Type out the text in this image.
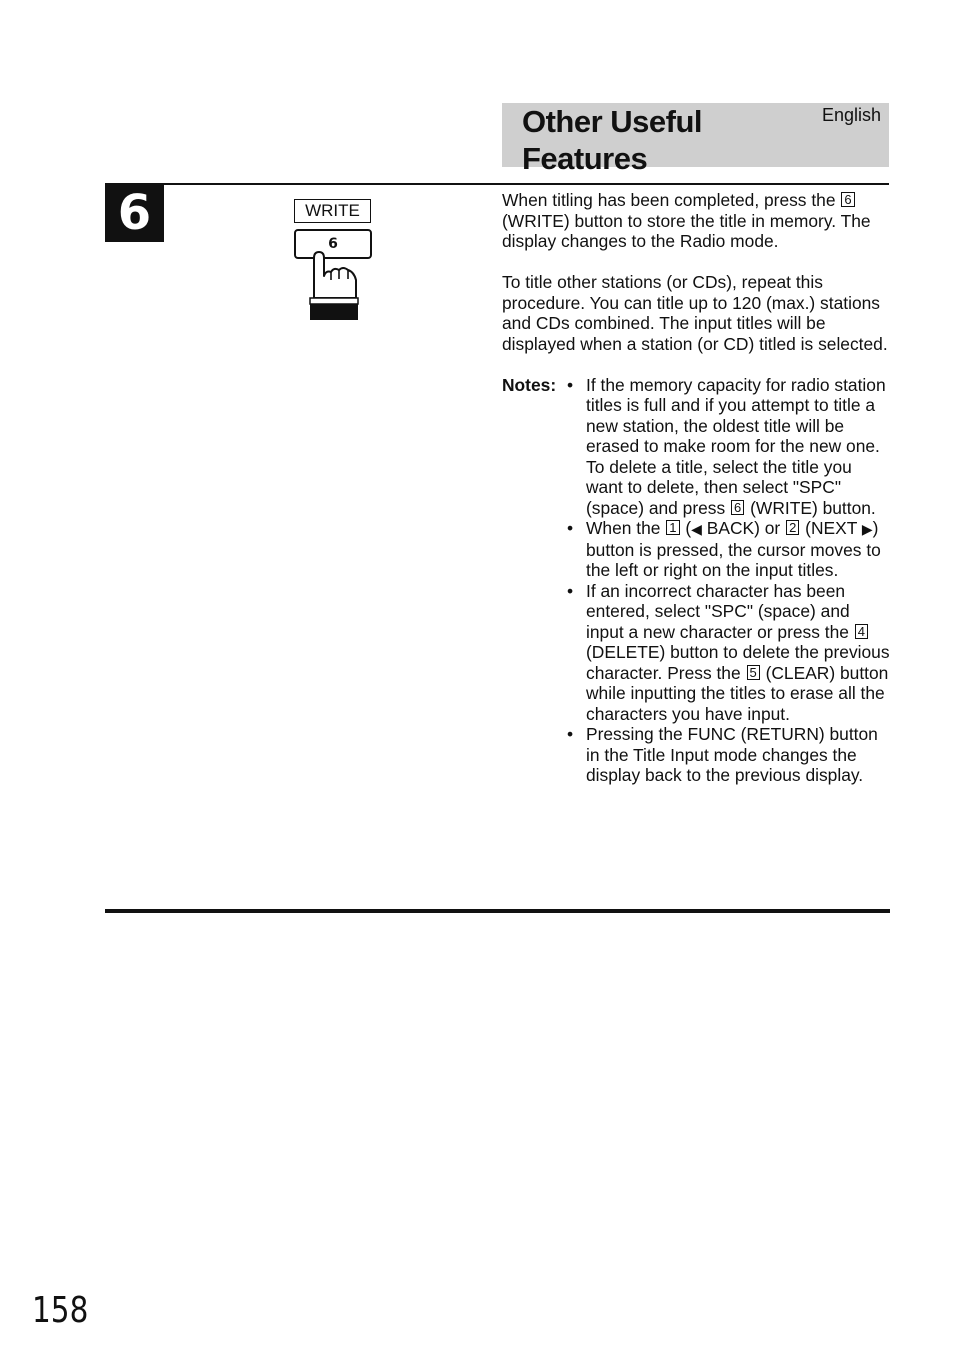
Other Useful Features
English
6	WRITE
6

When titling has been completed, press the 6 (WRITE) button to store the title in memory. The display changes to the Radio mode.

To title other stations (or CDs), repeat this procedure. You can title up to 120 (max.) stations and CDs combined. The input titles will be displayed when a station (or CD) titled is selected.

Notes: • If the memory capacity for radio station titles is full and if you attempt to title a new station, the oldest title will be erased to make room for the new one. To delete a title, select the title you want to delete, then select "SPC" (space) and press 6 (WRITE) button.
• When the 1 (◀ BACK) or 2 (NEXT ▶) button is pressed, the cursor moves to the left or right on the input titles.
• If an incorrect character has been entered, select "SPC" (space) and input a new character or press the 4 (DELETE) button to delete the previous character. Press the 5 (CLEAR) button while inputting the titles to erase all the characters you have input.
• Pressing the FUNC (RETURN) button in the Title Input mode changes the display back to the previous display.
158
